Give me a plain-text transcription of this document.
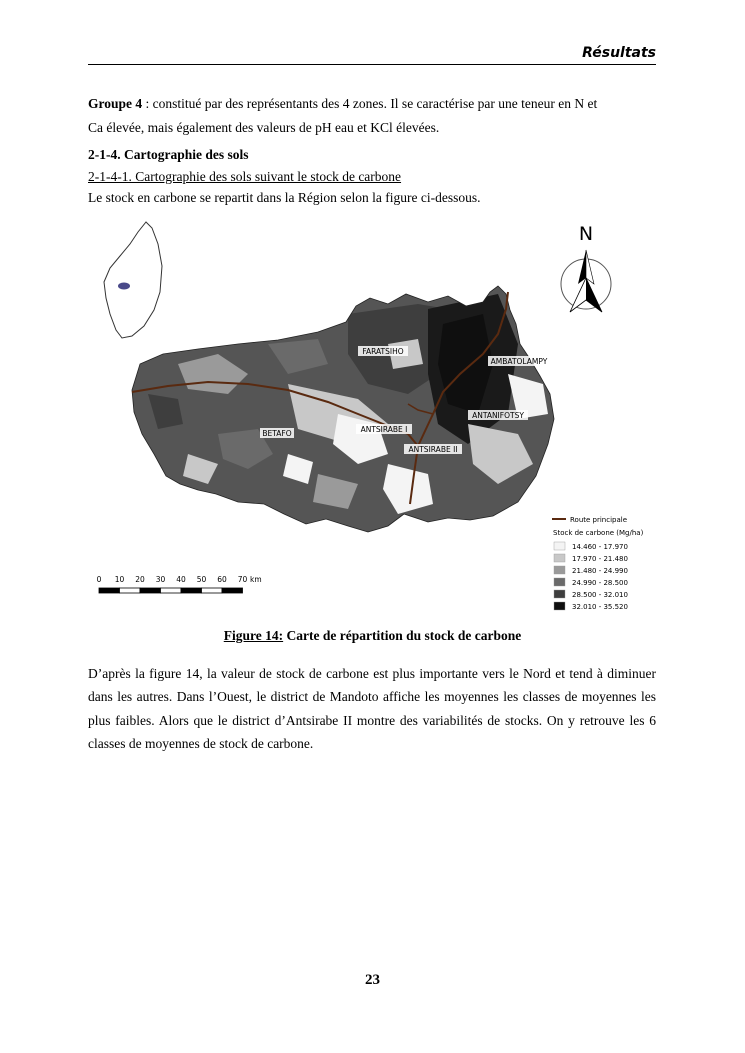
Résultats
Groupe 4 : constitué par des représentants des 4 zones. Il se caractérise par une teneur en N et
Ca élevée, mais également des valeurs de pH eau et KCl élevées.
2-1-4. Cartographie des sols
2-1-4-1. Cartographie des sols suivant le stock de carbone
Le stock en carbone se repartit dans la Région selon la figure ci-dessous.
N
FARATSIHO
AMBATOLAMPY
ANTANIFOTSY
BETAFO	ANTSIRABE I
ANTSIRABE II
Route principale
Stock de carbone (Mg/ha)
14.460 - 17.970
17.970 - 21.480
21.480 - 24.990
24.990 - 28.500
28.500 - 32.010
32.010 - 35.520
0 10 20 30 40 50 60 70 km
Figure 14: Carte de répartition du stock de carbone
D’après la figure 14, la valeur de stock de carbone est plus importante vers le Nord et tend à diminuer dans les autres. Dans l’Ouest, le district de Mandoto affiche les moyennes les classes de moyennes les plus faibles. Alors que le district d’Antsirabe II montre des variabilités de stocks. On y retrouve les 6 classes de moyennes de stock de carbone.
23
